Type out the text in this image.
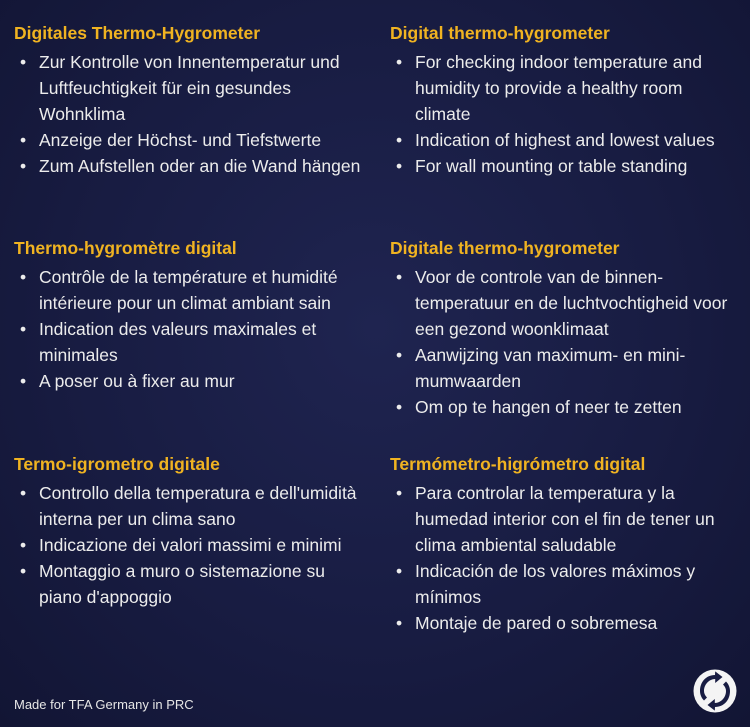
Digitales Thermo-Hygrometer
• Zur Kontrolle von Innentemperatur und Luftfeuchtigkeit für ein gesundes Wohnklima
• Anzeige der Höchst- und Tiefstwerte
• Zum Aufstellen oder an die Wand hängen
Digital thermo-hygrometer
• For checking indoor temperature and humidity to provide a healthy room climate
• Indication of highest and lowest values
• For wall mounting or table standing
Thermo-hygromètre digital
• Contrôle de la température et humidité intérieure pour un climat ambiant sain
• Indication des valeurs maximales et minimales
• A poser ou à fixer au mur
Digitale thermo-hygrometer
• Voor de controle van de binnen-temperatuur en de luchtvochtigheid voor een gezond woonklimaat
• Aanwijzing van maximum- en mini-mumwaarden
• Om op te hangen of neer te zetten
Termo-igrometro digitale
• Controllo della temperatura e dell'umidità interna per un clima sano
• Indicazione dei valori massimi e minimi
• Montaggio a muro o sistemazione su piano d'appoggio
Termómetro-higrómetro digital
• Para controlar la temperatura y la humedad interior con el fin de tener un clima ambiental saludable
• Indicación de los valores máximos y mínimos
• Montaje de pared o sobremesa
Made for TFA Germany in PRC
